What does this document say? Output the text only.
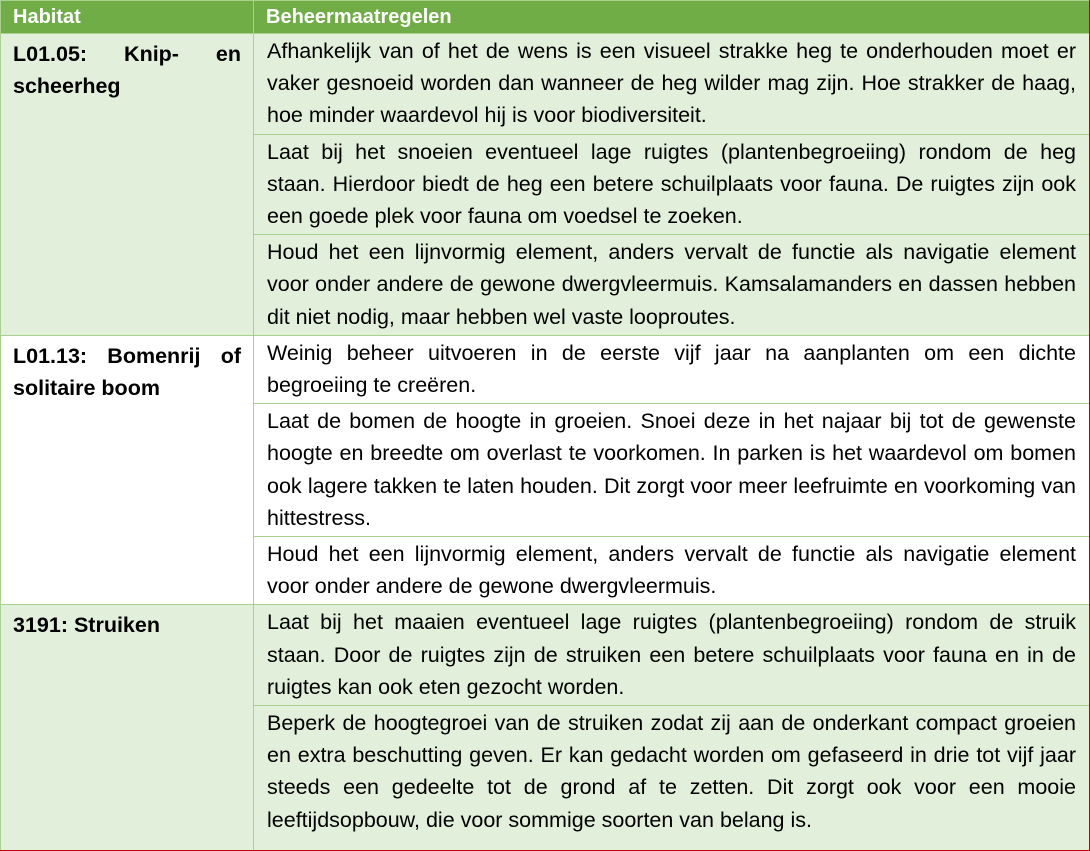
Habitat	Beheermaatregelen
L01.05: Knip- en scheerheg	Afhankelijk van of het de wens is een visueel strakke heg te onderhouden moet er vaker gesnoeid worden dan wanneer de heg wilder mag zijn. Hoe strakker de haag, hoe minder waardevol hij is voor biodiversiteit.
	Laat bij het snoeien eventueel lage ruigtes (plantenbegroeiing) rondom de heg staan. Hierdoor biedt de heg een betere schuilplaats voor fauna. De ruigtes zijn ook een goede plek voor fauna om voedsel te zoeken.
	Houd het een lijnvormig element, anders vervalt de functie als navigatie element voor onder andere de gewone dwergvleermuis. Kamsalamanders en dassen hebben dit niet nodig, maar hebben wel vaste looproutes.
L01.13: Bomenrij of solitaire boom	Weinig beheer uitvoeren in de eerste vijf jaar na aanplanten om een dichte begroeiing te creëren.
	Laat de bomen de hoogte in groeien. Snoei deze in het najaar bij tot de gewenste hoogte en breedte om overlast te voorkomen. In parken is het waardevol om bomen ook lagere takken te laten houden. Dit zorgt voor meer leefruimte en voorkoming van hittestress.
	Houd het een lijnvormig element, anders vervalt de functie als navigatie element voor onder andere de gewone dwergvleermuis.
3191: Struiken	Laat bij het maaien eventueel lage ruigtes (plantenbegroeiing) rondom de struik staan. Door de ruigtes zijn de struiken een betere schuilplaats voor fauna en in de ruigtes kan ook eten gezocht worden.
	Beperk de hoogtegroei van de struiken zodat zij aan de onderkant compact groeien en extra beschutting geven. Er kan gedacht worden om gefaseerd in drie tot vijf jaar steeds een gedeelte tot de grond af te zetten. Dit zorgt ook voor een mooie leeftijdsopbouw, die voor sommige soorten van belang is.
